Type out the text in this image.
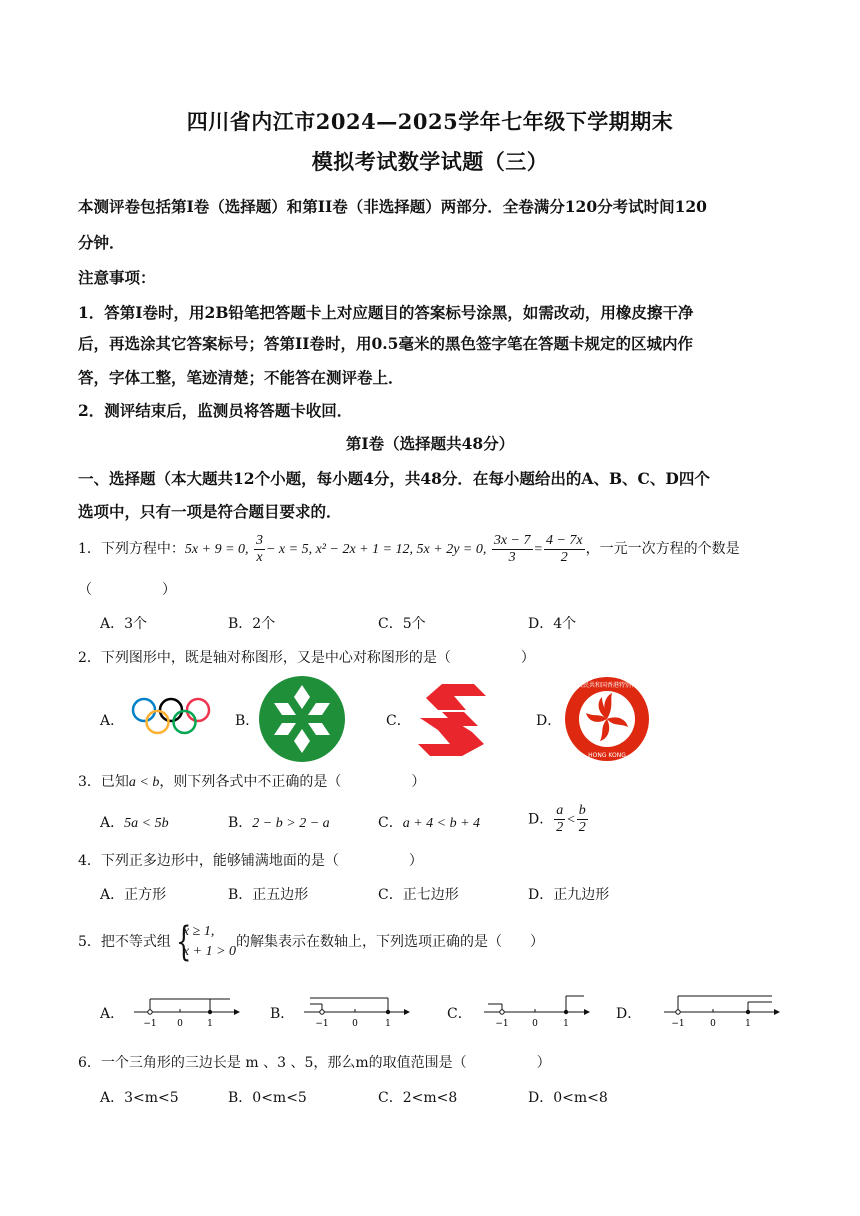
四川省内江市2024—2025学年七年级下学期期末
模拟考试数学试题（三）
本测评卷包括第I卷（选择题）和第II卷（非选择题）两部分．全卷满分120分考试时间120
分钟．
注意事项：
1．答第I卷时，用2B铅笔把答题卡上对应题目的答案标号涂黑，如需改动，用橡皮擦干净
后，再选涂其它答案标号；答第II卷时，用0.5毫米的黑色签字笔在答题卡规定的区城内作
答，字体工整，笔迹清楚；不能答在测评卷上．
2．测评结束后，监测员将答题卡收回．
第I卷（选择题共48分）
一、选择题（本大题共12个小题，每小题4分，共48分．在每小题给出的A、B、C、D四个
选项中，只有一项是符合题目要求的．
1．下列方程中：5x + 9 = 0, $\frac{3}{x} - x = 5$, x² − 2x + 1 = 12, 5x + 2y = 0, $\frac{3x - 7}{3} = \frac{4 - 7x}{2}$ ，一元一次方程的个数是
（　　　　　）
A．3个	B．2个	C．5个	D．4个
2．下列图形中，既是轴对称图形，又是中心对称图形的是（　　　　　）
A．	B．	C．	D．
中华人民共和国香港特别行政区
HONG KONG
3．已知a < b，则下列各式中不正确的是（　　　　　）
A．5a < 5b	B．2 − b > 2 − a	C．a + 4 < b + 4	D． $\frac{a}{2} < \frac{b}{2}$
4．下列正多边形中，能够铺满地面的是（　　　　　）
A．正方形	B．正五边形	C．正七边形	D．正九边形
5．把不等式组 {
x ≥ 1,
x + 1 > 0
的解集表示在数轴上，下列选项正确的是（　　）
A．	B．	C．	D．
−1 0	1	−1	0	1	−1	0	1	−1	0	1
6．一个三角形的三边长是 m 、3 、5，那么m的取值范围是（　　　　　）
A．3<m<5	B．0<m<5	C．2<m<8	D．0<m<8
